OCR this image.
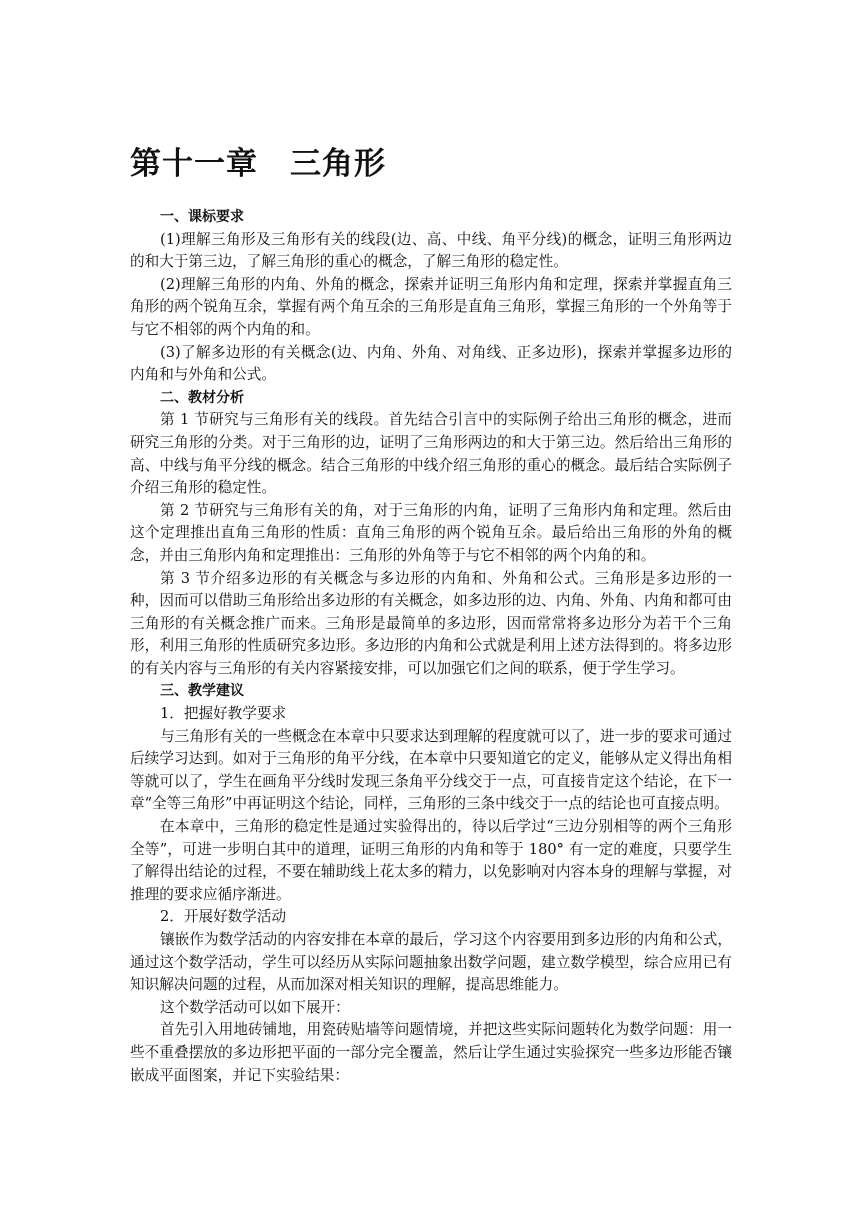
第十一章　三角形

一、课标要求

(1)理解三角形及三角形有关的线段(边、高、中线、角平分线)的概念，证明三角形两边的和大于第三边，了解三角形的重心的概念，了解三角形的稳定性。

(2)理解三角形的内角、外角的概念，探索并证明三角形内角和定理，探索并掌握直角三角形的两个锐角互余，掌握有两个角互余的三角形是直角三角形，掌握三角形的一个外角等于与它不相邻的两个内角的和。

(3)了解多边形的有关概念(边、内角、外角、对角线、正多边形)，探索并掌握多边形的内角和与外角和公式。

二、教材分析

第 1 节研究与三角形有关的线段。首先结合引言中的实际例子给出三角形的概念，进而研究三角形的分类。对于三角形的边，证明了三角形两边的和大于第三边。然后给出三角形的高、中线与角平分线的概念。结合三角形的中线介绍三角形的重心的概念。最后结合实际例子介绍三角形的稳定性。

第 2 节研究与三角形有关的角，对于三角形的内角，证明了三角形内角和定理。然后由这个定理推出直角三角形的性质：直角三角形的两个锐角互余。最后给出三角形的外角的概念，并由三角形内角和定理推出：三角形的外角等于与它不相邻的两个内角的和。

第 3 节介绍多边形的有关概念与多边形的内角和、外角和公式。三角形是多边形的一种，因而可以借助三角形给出多边形的有关概念，如多边形的边、内角、外角、内角和都可由三角形的有关概念推广而来。三角形是最简单的多边形，因而常常将多边形分为若干个三角形，利用三角形的性质研究多边形。多边形的内角和公式就是利用上述方法得到的。将多边形的有关内容与三角形的有关内容紧接安排，可以加强它们之间的联系，便于学生学习。

三、教学建议

1．把握好教学要求

与三角形有关的一些概念在本章中只要求达到理解的程度就可以了，进一步的要求可通过后续学习达到。如对于三角形的角平分线，在本章中只要知道它的定义，能够从定义得出角相等就可以了，学生在画角平分线时发现三条角平分线交于一点，可直接肯定这个结论，在下一章“全等三角形”中再证明这个结论，同样，三角形的三条中线交于一点的结论也可直接点明。

在本章中，三角形的稳定性是通过实验得出的，待以后学过“三边分别相等的两个三角形全等”，可进一步明白其中的道理，证明三角形的内角和等于 180° 有一定的难度，只要学生了解得出结论的过程，不要在辅助线上花太多的精力，以免影响对内容本身的理解与掌握，对推理的要求应循序渐进。

2．开展好数学活动

镶嵌作为数学活动的内容安排在本章的最后，学习这个内容要用到多边形的内角和公式，通过这个数学活动，学生可以经历从实际问题抽象出数学问题，建立数学模型，综合应用已有知识解决问题的过程，从而加深对相关知识的理解，提高思维能力。

这个数学活动可以如下展开：

首先引入用地砖铺地，用瓷砖贴墙等问题情境，并把这些实际问题转化为数学问题：用一些不重叠摆放的多边形把平面的一部分完全覆盖，然后让学生通过实验探究一些多边形能否镶嵌成平面图案，并记下实验结果：
